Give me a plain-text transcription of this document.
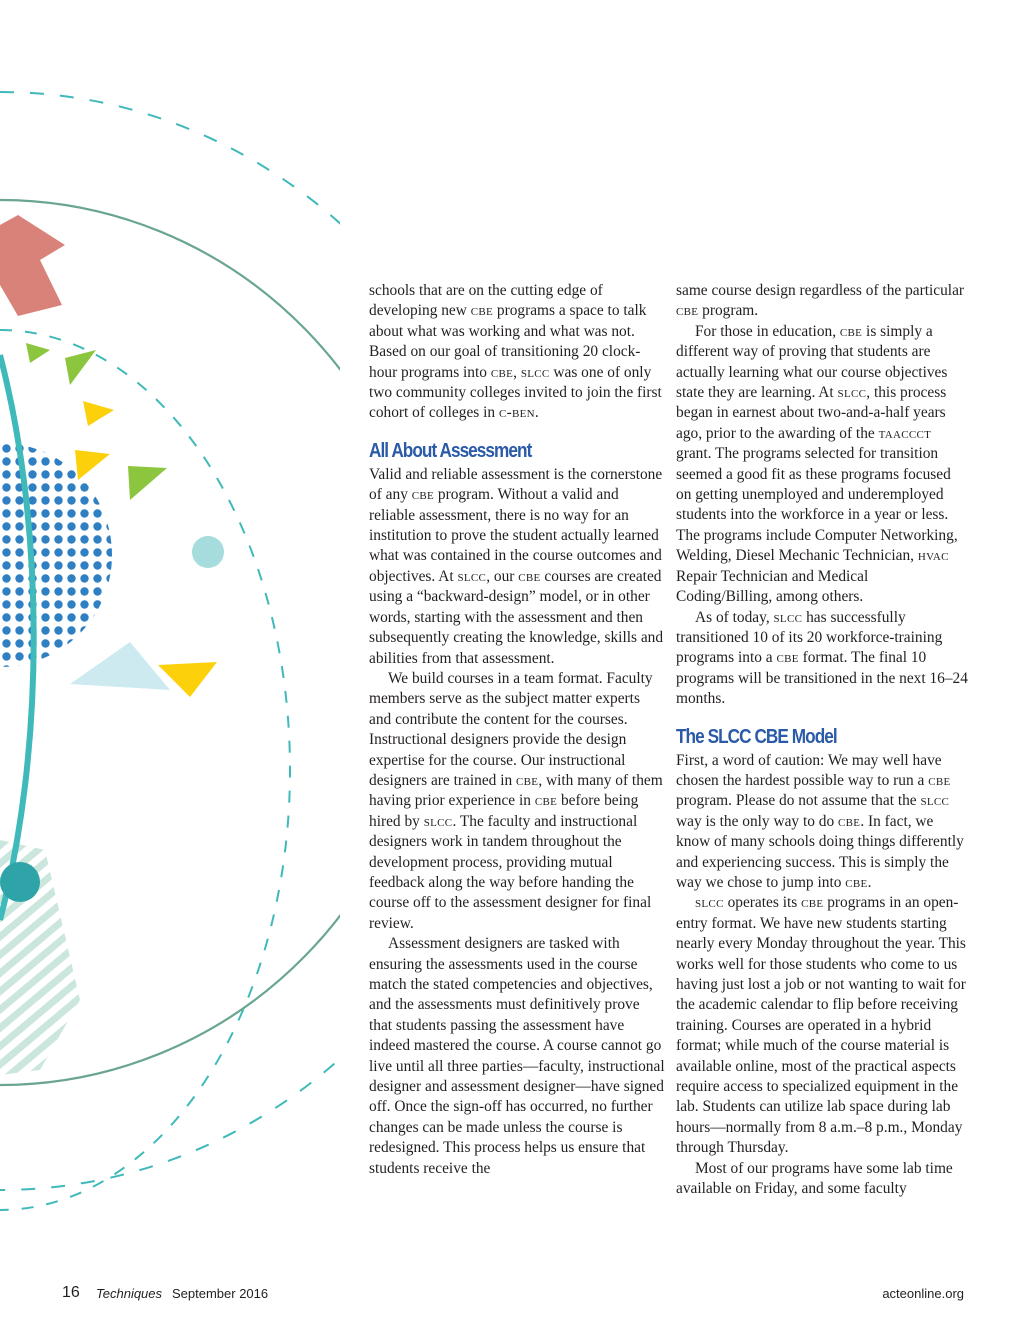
schools that are on the cutting edge of developing new cbe programs a space to talk about what was working and what was not. Based on our goal of transitioning 20 clock-hour programs into cbe, slcc was one of only two community colleges invited to join the first cohort of colleges in c-ben.

All About Assessment

Valid and reliable assessment is the cornerstone of any cbe program. Without a valid and reliable assessment, there is no way for an institution to prove the student actually learned what was contained in the course outcomes and objectives. At slcc, our cbe courses are created using a “backward-design” model, or in other words, starting with the assessment and then subsequently creating the knowledge, skills and abilities from that assessment.

We build courses in a team format. Faculty members serve as the subject matter experts and contribute the content for the courses. Instructional designers provide the design expertise for the course. Our instructional designers are trained in cbe, with many of them having prior experience in cbe before being hired by slcc. The faculty and instructional designers work in tandem throughout the development process, providing mutual feedback along the way before handing the course off to the assessment designer for final review.

Assessment designers are tasked with ensuring the assessments used in the course match the stated competencies and objectives, and the assessments must definitively prove that students passing the assessment have indeed mastered the course. A course cannot go live until all three parties—faculty, instructional designer and assessment designer—have signed off. Once the sign-off has occurred, no further changes can be made unless the course is redesigned. This process helps us ensure that students receive the

same course design regardless of the particular cbe program.

For those in education, cbe is simply a different way of proving that students are actually learning what our course objectives state they are learning. At slcc, this process began in earnest about two-and-a-half years ago, prior to the awarding of the taaccct grant. The programs selected for transition seemed a good fit as these programs focused on getting unemployed and underemployed students into the workforce in a year or less. The programs include Computer Networking, Welding, Diesel Mechanic Technician, hvac Repair Technician and Medical Coding/Billing, among others.

As of today, slcc has successfully transitioned 10 of its 20 workforce-training programs into a cbe format. The final 10 programs will be transitioned in the next 16–24 months.

The SLCC CBE Model

First, a word of caution: We may well have chosen the hardest possible way to run a cbe program. Please do not assume that the slcc way is the only way to do cbe. In fact, we know of many schools doing things differently and experiencing success. This is simply the way we chose to jump into cbe.

slcc operates its cbe programs in an open-entry format. We have new students starting nearly every Monday throughout the year. This works well for those students who come to us having just lost a job or not wanting to wait for the academic calendar to flip before receiving training. Courses are operated in a hybrid format; while much of the course material is available online, most of the practical aspects require access to specialized equipment in the lab. Students can utilize lab space during lab hours—normally from 8 a.m.–8 p.m., Monday through Thursday.

Most of our programs have some lab time available on Friday, and some faculty

16 Techniques September 2016	acteonline.org
